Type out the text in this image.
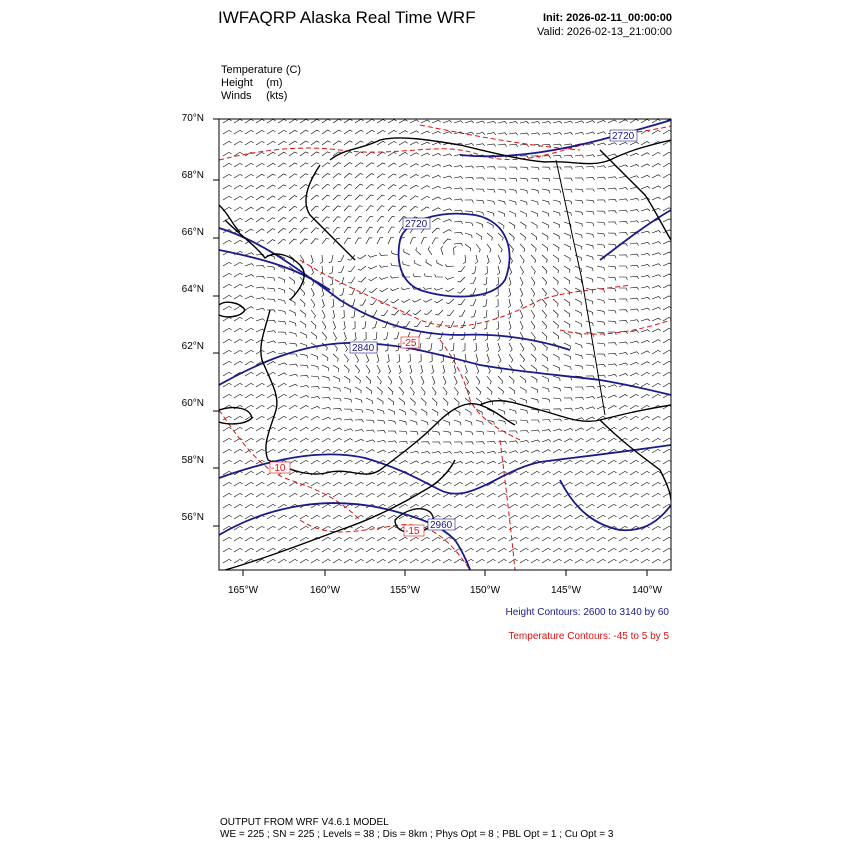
IWFAQRP Alaska Real Time WRF	Init: 2026-02-11_00:00:00
Valid: 2026-02-13_21:00:00
Temperature (C)
Height (m)
Winds (kts)
70°N
68°N
66°N
64°N
62°N
60°N
58°N
56°N
165°W	160°W	155°W	150°W	145°W	140°W
2720
2720
2840
2960
-25
-10
-15
Height Contours: 2600 to 3140 by 60
Temperature Contours: -45 to 5 by 5
OUTPUT FROM WRF V4.6.1 MODEL
WE = 225 ; SN = 225 ; Levels = 38 ; Dis = 8km ; Phys Opt = 8 ; PBL Opt = 1 ; Cu Opt = 3
